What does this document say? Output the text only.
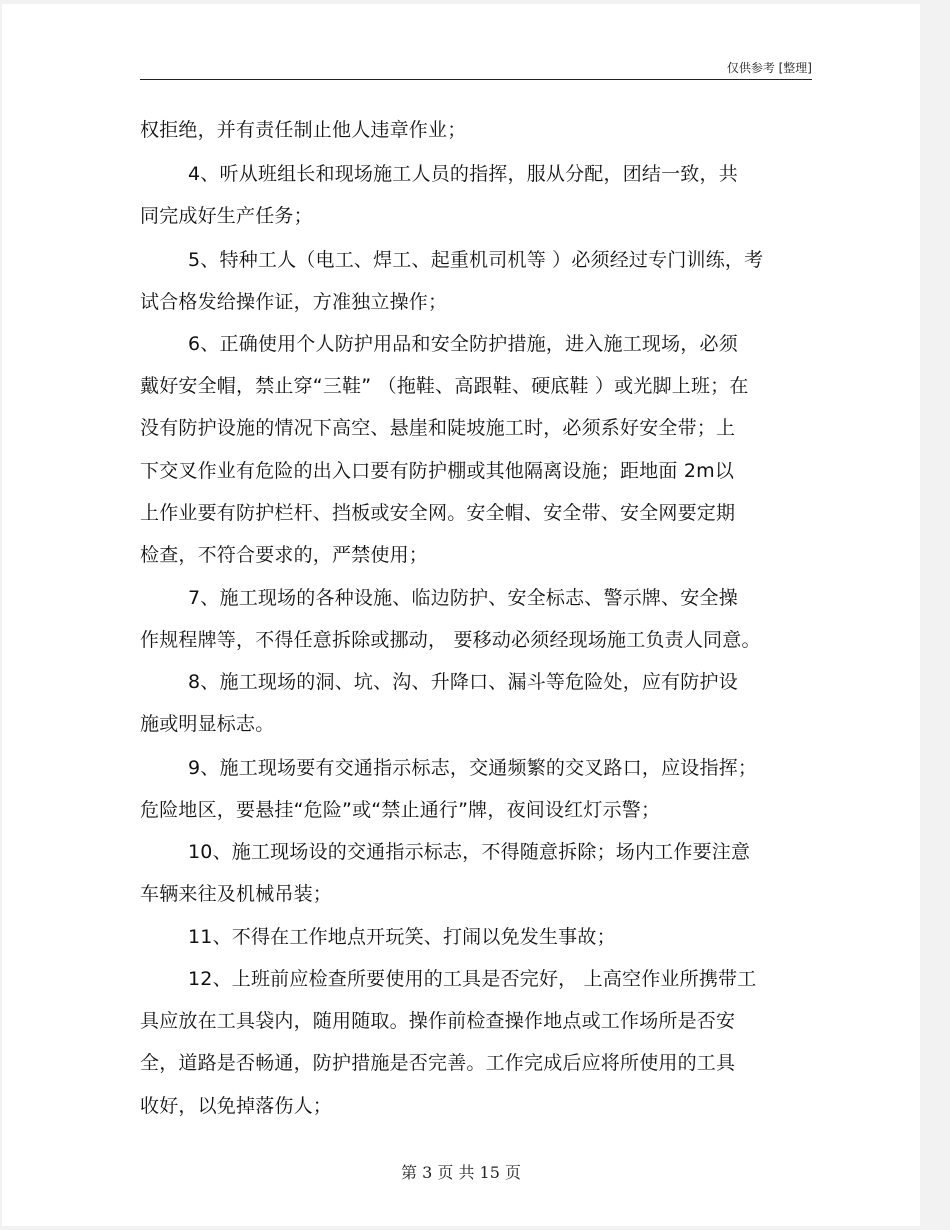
仅供参考 [整理]
权拒绝，并有责任制止他人违章作业；
4、听从班组长和现场施工人员的指挥，服从分配，团结一致，共
同完成好生产任务；
5、特种工人（电工、焊工、起重机司机等 ）必须经过专门训练，考
试合格发给操作证，方准独立操作；
6、正确使用个人防护用品和安全防护措施，进入施工现场，必须
戴好安全帽，禁止穿“三鞋” （拖鞋、高跟鞋、硬底鞋 ）或光脚上班；在
没有防护设施的情况下高空、悬崖和陡坡施工时，必须系好安全带；上
下交叉作业有危险的出入口要有防护棚或其他隔离设施；距地面 2m以
上作业要有防护栏杆、挡板或安全网。安全帽、安全带、安全网要定期
检查，不符合要求的，严禁使用；
7、施工现场的各种设施、临边防护、安全标志、警示牌、安全操
作规程牌等，不得任意拆除或挪动， 要移动必须经现场施工负责人同意。
8、施工现场的洞、坑、沟、升降口、漏斗等危险处，应有防护设
施或明显标志。
9、施工现场要有交通指示标志，交通频繁的交叉路口，应设指挥；
危险地区，要悬挂“危险”或“禁止通行”牌，夜间设红灯示警；
10、施工现场设的交通指示标志，不得随意拆除；场内工作要注意
车辆来往及机械吊装；
11、不得在工作地点开玩笑、打闹以免发生事故；
12、上班前应检查所要使用的工具是否完好， 上高空作业所携带工
具应放在工具袋内，随用随取。操作前检查操作地点或工作场所是否安
全，道路是否畅通，防护措施是否完善。工作完成后应将所使用的工具
收好，以免掉落伤人；
第 3 页 共 15 页
